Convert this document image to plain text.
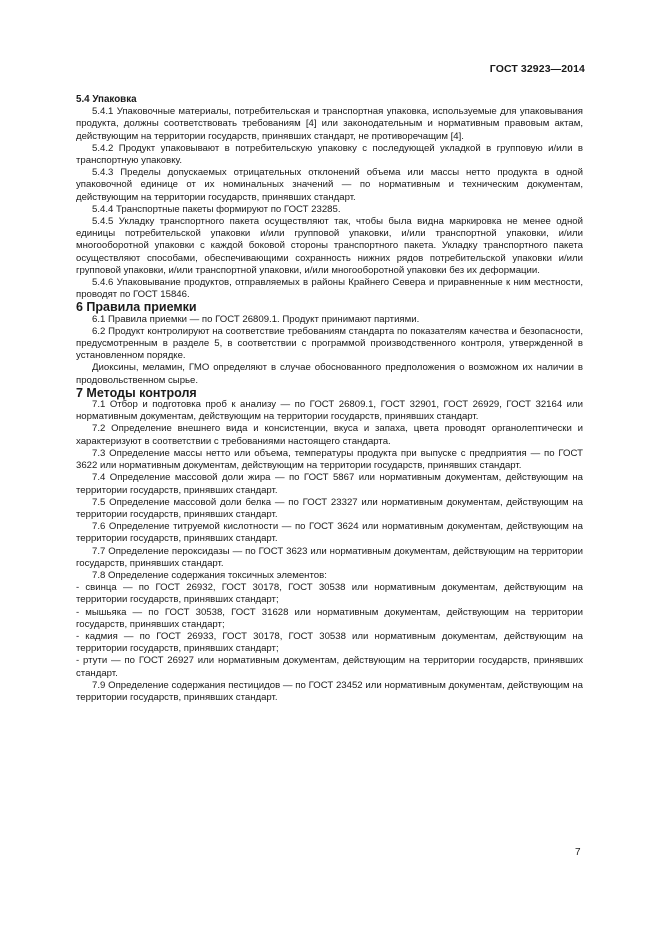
ГОСТ 32923—2014

5.4 Упаковка

5.4.1 Упаковочные материалы, потребительская и транспортная упаковка, используемые для упаковывания продукта, должны соответствовать требованиям [4] или законодательным и нормативным правовым актам, действующим на территории государств, принявших стандарт, не противоречащим [4].

5.4.2 Продукт упаковывают в потребительскую упаковку с последующей укладкой в групповую и/или в транспортную упаковку.

5.4.3 Пределы допускаемых отрицательных отклонений объема или массы нетто продукта в одной упаковочной единице от их номинальных значений — по нормативным и техническим документам, действующим на территории государств, принявших стандарт.

5.4.4 Транспортные пакеты формируют по ГОСТ 23285.

5.4.5 Укладку транспортного пакета осуществляют так, чтобы была видна маркировка не менее одной единицы потребительской упаковки и/или групповой упаковки, и/или транспортной упаковки, и/или многооборотной упаковки с каждой боковой стороны транспортного пакета. Укладку транспортного пакета осуществляют способами, обеспечивающими сохранность нижних рядов потребительской упаковки и/или групповой упаковки, и/или транспортной упаковки, и/или многооборотной упаковки без их деформации.

5.4.6 Упаковывание продуктов, отправляемых в районы Крайнего Севера и приравненные к ним местности, проводят по ГОСТ 15846.

6 Правила приемки

6.1 Правила приемки — по ГОСТ 26809.1. Продукт принимают партиями.

6.2 Продукт контролируют на соответствие требованиям стандарта по показателям качества и безопасности, предусмотренным в разделе 5, в соответствии с программой производственного контроля, утвержденной в установленном порядке.

Диоксины, меламин, ГМО определяют в случае обоснованного предположения о возможном их наличии в продовольственном сырье.

7 Методы контроля

7.1 Отбор и подготовка проб к анализу — по ГОСТ 26809.1, ГОСТ 32901, ГОСТ 26929, ГОСТ 32164 или нормативным документам, действующим на территории государств, принявших стандарт.

7.2 Определение внешнего вида и консистенции, вкуса и запаха, цвета проводят органолептически и характеризуют в соответствии с требованиями настоящего стандарта.

7.3 Определение массы нетто или объема, температуры продукта при выпуске с предприятия — по ГОСТ 3622 или нормативным документам, действующим на территории государств, принявших стандарт.

7.4 Определение массовой доли жира — по ГОСТ 5867 или нормативным документам, действующим на территории государств, принявших стандарт.

7.5 Определение массовой доли белка — по ГОСТ 23327 или нормативным документам, действующим на территории государств, принявших стандарт.

7.6 Определение титруемой кислотности — по ГОСТ 3624 или нормативным документам, действующим на территории государств, принявших стандарт.

7.7 Определение пероксидазы — по ГОСТ 3623 или нормативным документам, действующим на территории государств, принявших стандарт.

7.8 Определение содержания токсичных элементов:

- свинца — по ГОСТ 26932, ГОСТ 30178, ГОСТ 30538 или нормативным документам, действующим на территории государств, принявших стандарт;

- мышьяка — по ГОСТ 30538, ГОСТ 31628 или нормативным документам, действующим на территории государств, принявших стандарт;

- кадмия — по ГОСТ 26933, ГОСТ 30178, ГОСТ 30538 или нормативным документам, действующим на территории государств, принявших стандарт;

- ртути — по ГОСТ 26927 или нормативным документам, действующим на территории государств, принявших стандарт.

7.9 Определение содержания пестицидов — по ГОСТ 23452 или нормативным документам, действующим на территории государств, принявших стандарт.

7
